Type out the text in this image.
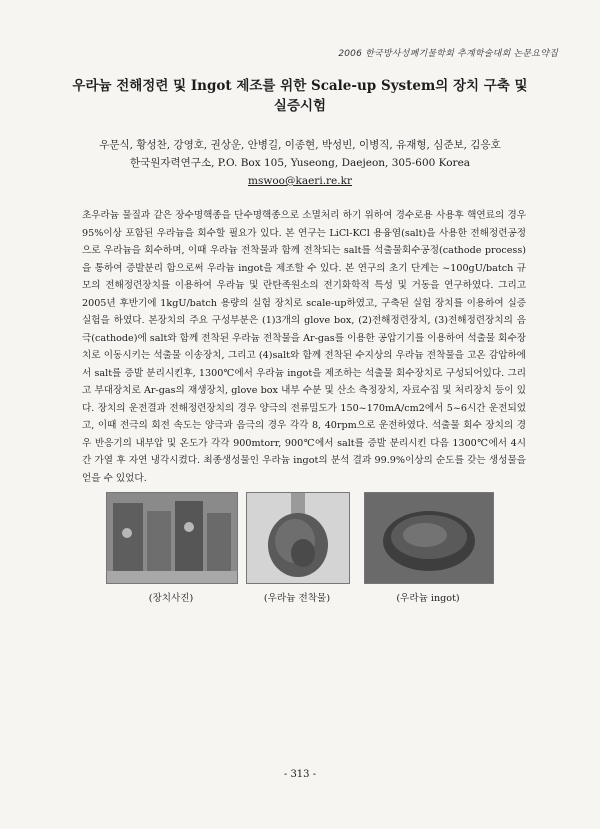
2006 한국방사성폐기물학회 추계학술대회 논문요약집
우라늄 전해정련 및 Ingot 제조를 위한 Scale-up System의 장치 구축 및
실증시험
우문식, 황성찬, 강영호, 권상운, 안병길, 이종현, 박성빈, 이병직, 유재형, 심준보, 김응호
한국원자력연구소, P.O. Box 105, Yuseong, Daejeon, 305-600 Korea
mswoo@kaeri.re.kr
초우라늄 물질과 같은 장수명핵종을 단수명핵종으로 소멸처리 하기 위하여 경수로용 사용후 핵연료의 경우 95%이상 포함된 우라늄을 회수할 필요가 있다. 본 연구는 LiCl-KCl 용융염(salt)을 사용한 전해정련공정으로 우라늄을 회수하며, 이때 우라늄 전착물과 함께 전착되는 salt를 석출물회수공정(cathode process)을 통하여 증발분리 함으로써 우라늄 ingot을 제조할 수 있다. 본 연구의 초기 단계는 ~100gU/batch 규모의 전해정련장치를 이용하여 우라늄 및 란탄족원소의 전기화학적 특성 및 거동을 연구하였다. 그리고 2005년 후반기에 1kgU/batch 용량의 실험 장치로 scale-up하였고, 구축된 실험 장치를 이용하여 실증실험을 하였다. 본장치의 주요 구성부분은 (1)3개의 glove box, (2)전해정련장치, (3)전해정련장치의 음극(cathode)에 salt와 함께 전착된 우라늄 전착물을 Ar-gas를 이용한 공압기기를 이용하여 석출물 회수장치로 이동시키는 석출물 이송장치, 그리고 (4)salt와 함께 전착된 수지상의 우라늄 전착물을 고온 감압하에서 salt를 증발 분리시킨후, 1300℃에서 우라늄 ingot을 제조하는 석출물 회수장치로 구성되어있다. 그리고 부대장치로 Ar-gas의 재생장치, glove box 내부 수분 및 산소 측정장치, 자료수집 및 처리장치 등이 있다. 장치의 운전결과 전해정련장치의 경우 양극의 전류밀도가 150~170mA/cm2에서 5~6시간 운전되었고, 이때 전극의 회전 속도는 양극과 음극의 경우 각각 8, 40rpm으로 운전하였다. 석출물 회수 장치의 경우 반응기의 내부압 및 온도가 각각 900mtorr, 900℃에서 salt를 증발 분리시킨 다음 1300℃에서 4시간 가열 후 자연 냉각시켰다. 최종생성물인 우라늄 ingot의 분석 결과 99.9%이상의 순도를 갖는 생성물을 얻을 수 있었다.
(장치사진)	(우라늄 전착물)	(우라늄 ingot)
- 313 -
